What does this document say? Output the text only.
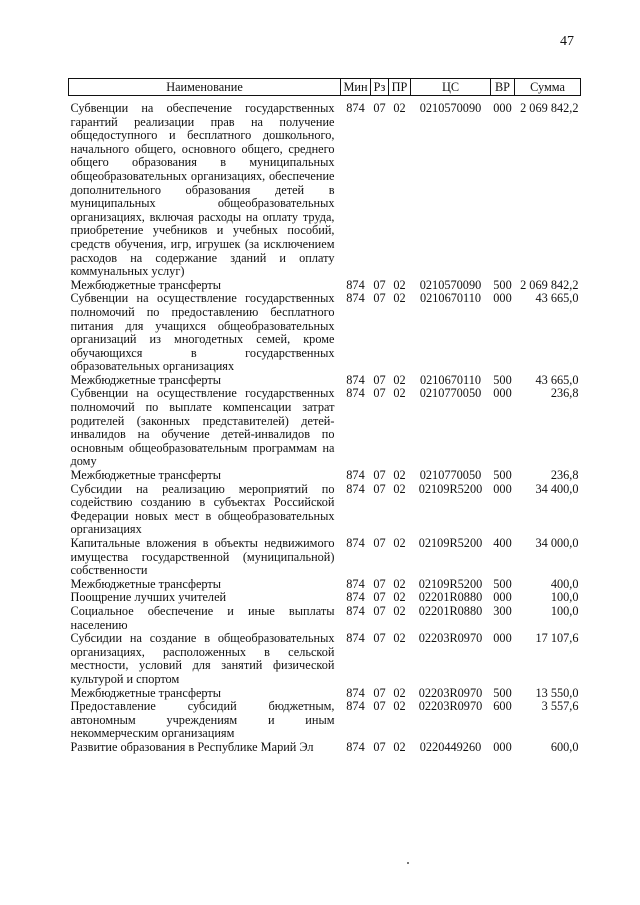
47
Наименование	Мин	Рз	ПР	ЦС	ВР	Сумма
Субвенции на обеспечение государственных гарантий реализации прав на получение общедоступного и бесплатного дошкольного, начального общего, основного общего, среднего общего образования в муниципальных общеобразовательных организациях, обеспечение дополнительного образования детей в муниципальных общеобразовательных организациях, включая расходы на оплату труда, приобретение учебников и учебных пособий, средств обучения, игр, игрушек (за исключением расходов на содержание зданий и оплату коммунальных услуг)	874	07	02	0210570090	000	2 069 842,2
Межбюджетные трансферты	874	07	02	0210570090	500	2 069 842,2
Субвенции на осуществление государственных полномочий по предоставлению бесплатного питания для учащихся общеобразовательных организаций из многодетных семей, кроме обучающихся в государственных образовательных организациях	874	07	02	0210670110	000	43 665,0
Межбюджетные трансферты	874	07	02	0210670110	500	43 665,0
Субвенции на осуществление государственных полномочий по выплате компенсации затрат родителей (законных представителей) детей-инвалидов на обучение детей-инвалидов по основным общеобразовательным программам на дому	874	07	02	0210770050	000	236,8
Межбюджетные трансферты	874	07	02	0210770050	500	236,8
Субсидии на реализацию мероприятий по содействию созданию в субъектах Российской Федерации новых мест в общеобразовательных организациях	874	07	02	02109R5200	000	34 400,0
Капитальные вложения в объекты недвижимого имущества государственной (муниципальной) собственности	874	07	02	02109R5200	400	34 000,0
Межбюджетные трансферты	874	07	02	02109R5200	500	400,0
Поощрение лучших учителей	874	07	02	02201R0880	000	100,0
Социальное обеспечение и иные выплаты населению	874	07	02	02201R0880	300	100,0
Субсидии на создание в общеобразовательных организациях, расположенных в сельской местности, условий для занятий физической культурой и спортом	874	07	02	02203R0970	000	17 107,6
Межбюджетные трансферты	874	07	02	02203R0970	500	13 550,0
Предоставление субсидий бюджетным, автономным учреждениям и иным некоммерческим организациям	874	07	02	02203R0970	600	3 557,6
Развитие образования в Республике Марий Эл	874	07	02	0220449260	000	600,0
